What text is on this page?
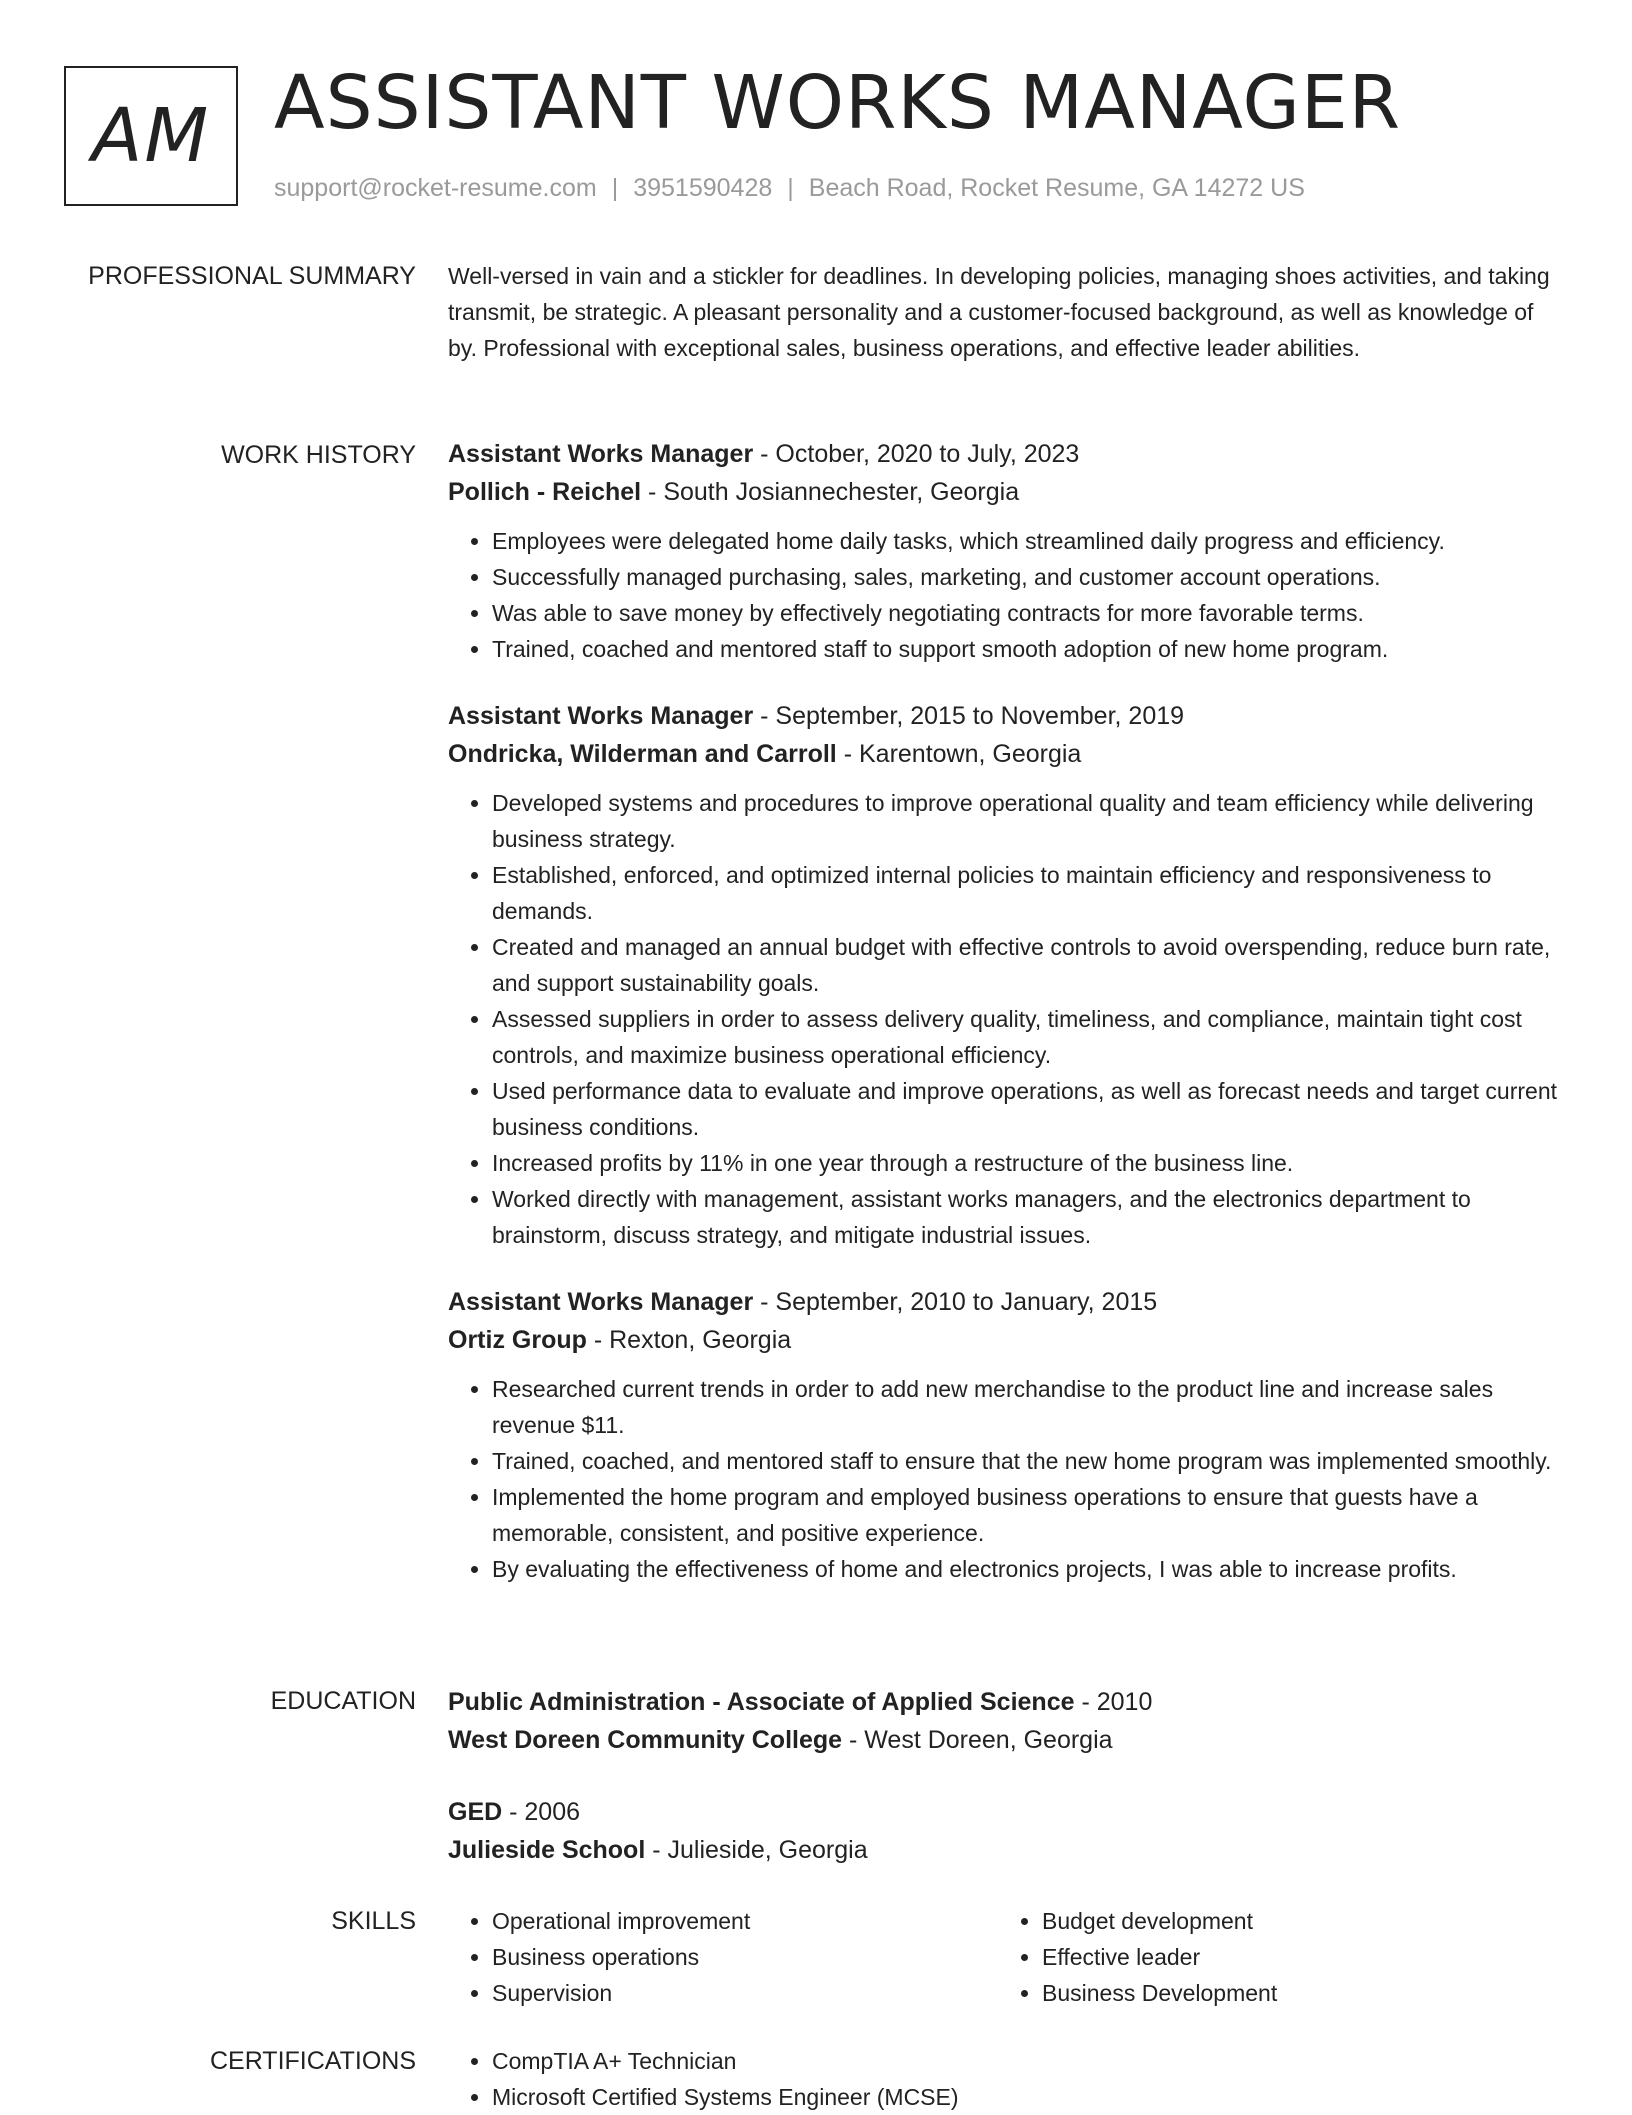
AM ASSISTANT WORKS MANAGER
support@rocket-resume.com | 3951590428 | Beach Road, Rocket Resume, GA 14272 US
PROFESSIONAL SUMMARY Well-versed in vain and a stickler for deadlines. In developing policies, managing shoes activities, and taking transmit, be strategic. A pleasant personality and a customer-focused background, as well as knowledge of by. Professional with exceptional sales, business operations, and effective leader abilities.

WORK HISTORY Assistant Works Manager - October, 2020 to July, 2023
Pollich - Reichel - South Josiannechester, Georgia
• Employees were delegated home daily tasks, which streamlined daily progress and efficiency.
• Successfully managed purchasing, sales, marketing, and customer account operations.
• Was able to save money by effectively negotiating contracts for more favorable terms.
• Trained, coached and mentored staff to support smooth adoption of new home program.
Assistant Works Manager - September, 2015 to November, 2019
Ondricka, Wilderman and Carroll - Karentown, Georgia
• Developed systems and procedures to improve operational quality and team efficiency while delivering business strategy.
• Established, enforced, and optimized internal policies to maintain efficiency and responsiveness to demands.
• Created and managed an annual budget with effective controls to avoid overspending, reduce burn rate, and support sustainability goals.
• Assessed suppliers in order to assess delivery quality, timeliness, and compliance, maintain tight cost controls, and maximize business operational efficiency.
• Used performance data to evaluate and improve operations, as well as forecast needs and target current business conditions.
• Increased profits by 11% in one year through a restructure of the business line.
• Worked directly with management, assistant works managers, and the electronics department to brainstorm, discuss strategy, and mitigate industrial issues.
Assistant Works Manager - September, 2010 to January, 2015
Ortiz Group - Rexton, Georgia
• Researched current trends in order to add new merchandise to the product line and increase sales revenue $11.
• Trained, coached, and mentored staff to ensure that the new home program was implemented smoothly.
• Implemented the home program and employed business operations to ensure that guests have a memorable, consistent, and positive experience.
• By evaluating the effectiveness of home and electronics projects, I was able to increase profits.
EDUCATION Public Administration - Associate of Applied Science - 2010
West Doreen Community College - West Doreen, Georgia
GED - 2006
Julieside School - Julieside, Georgia
SKILLS	• Operational improvement
• Business operations
• Supervision
• Budget development
• Effective leader
• Business Development
CERTIFICATIONS	• CompTIA A+ Technician
• Microsoft Certified Systems Engineer (MCSE)
